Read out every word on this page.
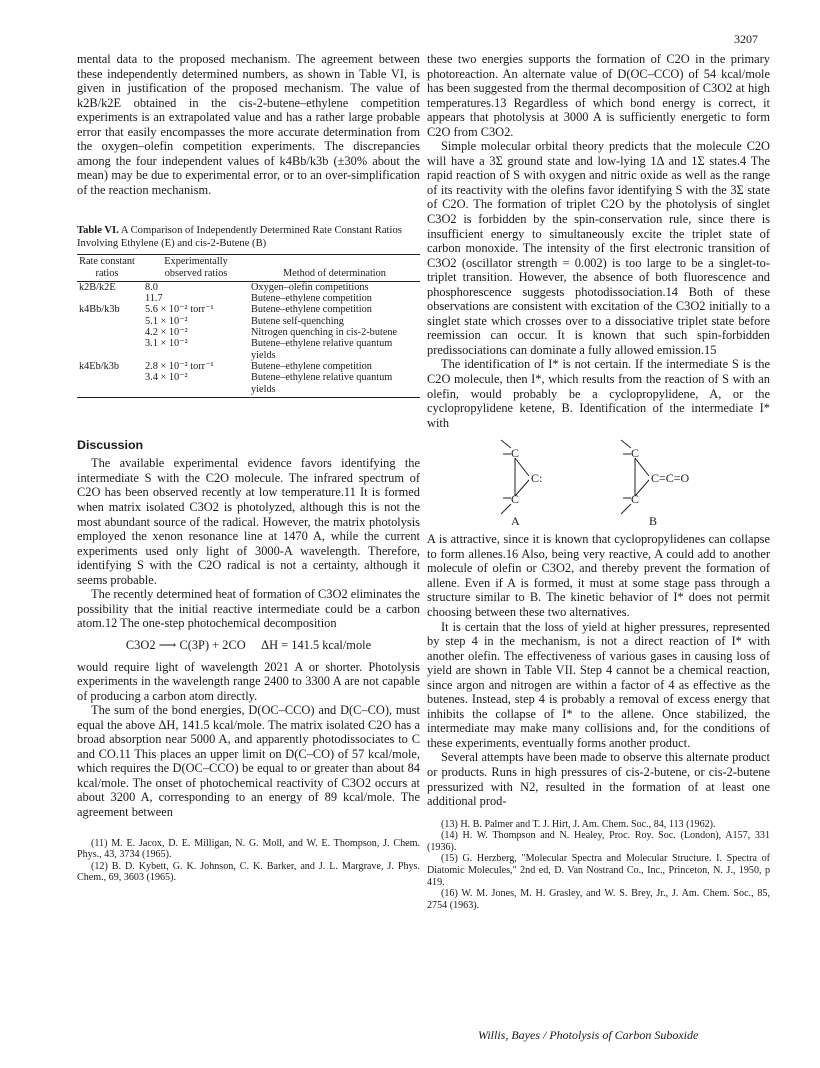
3207

mental data to the proposed mechanism. The agreement between these independently determined numbers, as shown in Table VI, is given in justification of the proposed mechanism. The value of k2B/k2E obtained in the cis-2-butene–ethylene competition experiments is an extrapolated value and has a rather large probable error that easily encompasses the more accurate determination from the oxygen–olefin competition experiments. The discrepancies among the four independent values of k4Bb/k3b (±30% about the mean) may be due to experimental error, or to an over-simplification of the reaction mechanism.

Table VI. A Comparison of Independently Determined Rate Constant Ratios Involving Ethylene (E) and cis-2-Butene (B)
Rate constant ratios	Experimentally observed ratios	Method of determination
k2B/k2E	8.0	Oxygen–olefin competitions
	11.7	Butene–ethylene competition
k4Bb/k3b	5.6 × 10⁻² torr⁻¹	Butene–ethylene competition
	5.1 × 10⁻²	Butene self-quenching
	4.2 × 10⁻²	Nitrogen quenching in cis-2-butene
	3.1 × 10⁻²	Butene–ethylene relative quantum yields
k4Eb/k3b	2.8 × 10⁻² torr⁻¹	Butene–ethylene competition
	3.4 × 10⁻²	Butene–ethylene relative quantum yields
Discussion

The available experimental evidence favors identifying the intermediate S with the C2O molecule. The infrared spectrum of C2O has been observed recently at low temperature.11 It is formed when matrix isolated C3O2 is photolyzed, although this is not the most abundant source of the radical. However, the matrix photolysis employed the xenon resonance line at 1470 A, while the current experiments used only light of 3000-A wavelength. Therefore, identifying S with the C2O radical is not a certainty, although it seems probable.

The recently determined heat of formation of C3O2 eliminates the possibility that the initial reactive intermediate could be a carbon atom.12 The one-step photochemical decomposition

C3O2 ⟶ C(3P) + 2CO     ΔH = 141.5 kcal/mole

would require light of wavelength 2021 A or shorter. Photolysis experiments in the wavelength range 2400 to 3300 A are not capable of producing a carbon atom directly.

The sum of the bond energies, D(OC–CCO) and D(C–CO), must equal the above ΔH, 141.5 kcal/mole. The matrix isolated C2O has a broad absorption near 5000 A, and apparently photodissociates to C and CO.11 This places an upper limit on D(C–CO) of 57 kcal/mole, which requires the D(OC–CCO) be equal to or greater than about 84 kcal/mole. The onset of photochemical reactivity of C3O2 occurs at about 3200 A, corresponding to an energy of 89 kcal/mole. The agreement between

(11) M. E. Jacox, D. E. Milligan, N. G. Moll, and W. E. Thompson, J. Chem. Phys., 43, 3734 (1965).

(12) B. D. Kybett, G. K. Johnson, C. K. Barker, and J. L. Margrave, J. Phys. Chem., 69, 3603 (1965).

these two energies supports the formation of C2O in the primary photoreaction. An alternate value of D(OC–CCO) of 54 kcal/mole has been suggested from the thermal decomposition of C3O2 at high temperatures.13 Regardless of which bond energy is correct, it appears that photolysis at 3000 A is sufficiently energetic to form C2O from C3O2.

Simple molecular orbital theory predicts that the molecule C2O will have a 3Σ ground state and low-lying 1Δ and 1Σ states.4 The rapid reaction of S with oxygen and nitric oxide as well as the range of its reactivity with the olefins favor identifying S with the 3Σ state of C2O. The formation of triplet C2O by the photolysis of singlet C3O2 is forbidden by the spin-conservation rule, since there is insufficient energy to simultaneously excite the triplet state of carbon monoxide. The intensity of the first electronic transition of C3O2 (oscillator strength = 0.002) is too large to be a singlet-to-triplet transition. However, the absence of both fluorescence and phosphorescence suggests photodissociation.14 Both of these observations are consistent with excitation of the C3O2 initially to a singlet state which crosses over to a dissociative triplet state before reemission can occur. It is known that such spin-forbidden predissociations can dominate a fully allowed emission.15

The identification of I* is not certain. If the intermediate S is the C2O molecule, then I*, which results from the reaction of S with an olefin, would probably be a cyclopropylidene, A, or the cyclopropylidene ketene, B. Identification of the intermediate I* with

C
C:
C
A
C
C=C=O
C
B

A is attractive, since it is known that cyclopropylidenes can collapse to form allenes.16 Also, being very reactive, A could add to another molecule of olefin or C3O2, and thereby prevent the formation of allene. Even if A is formed, it must at some stage pass through a structure similar to B. The kinetic behavior of I* does not permit choosing between these two alternatives.

It is certain that the loss of yield at higher pressures, represented by step 4 in the mechanism, is not a direct reaction of I* with another olefin. The effectiveness of various gases in causing loss of yield are shown in Table VII. Step 4 cannot be a chemical reaction, since argon and nitrogen are within a factor of 4 as effective as the butenes. Instead, step 4 is probably a removal of excess energy that inhibits the collapse of I* to the allene. Once stabilized, the intermediate may make many collisions and, for the conditions of these experiments, eventually forms another product.

Several attempts have been made to observe this alternate product or products. Runs in high pressures of cis-2-butene, or cis-2-butene pressurized with N2, resulted in the formation of at least one additional prod-

(13) H. B. Palmer and T. J. Hirt, J. Am. Chem. Soc., 84, 113 (1962).

(14) H. W. Thompson and N. Healey, Proc. Roy. Soc. (London), A157, 331 (1936).

(15) G. Herzberg, "Molecular Spectra and Molecular Structure. I. Spectra of Diatomic Molecules," 2nd ed, D. Van Nostrand Co., Inc., Princeton, N. J., 1950, p 419.

(16) W. M. Jones, M. H. Grasley, and W. S. Brey, Jr., J. Am. Chem. Soc., 85, 2754 (1963).

Willis, Bayes / Photolysis of Carbon Suboxide
